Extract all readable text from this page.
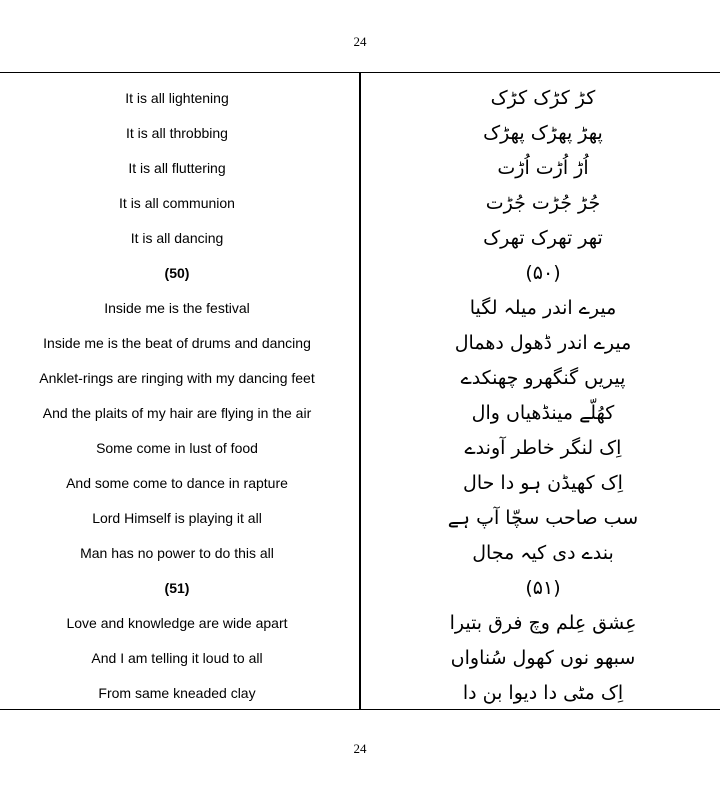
24
It is all lightening	کڑ کڑک کڑک
It is all throbbing	پھڑ پھڑک پھڑک
It is all fluttering	اُڑ اُڑت اُڑت
It is all communion	جُڑ جُڑت جُڑت
It is all dancing	تھر تھرک تھرک
(50)	(۵۰)
Inside me is the festival	میرے اندر میلہ لگیا
Inside me is the beat of drums and dancing	میرے اندر ڈھول دھمال
Anklet-rings are ringing with my dancing feet	پیریں گنگھرو چھنکدے
And the plaits of my hair are flying in the air	کھُلّے مینڈھیاں وال
Some come in lust of food	اِک لنگر خاطر آوندے
And some come to dance in rapture	اِک کھیڈن ہو دا حال
Lord Himself is playing it all	سب صاحب سچّا آپ ہے
Man has no power to do this all	بندے دی کیہ مجال
(51)	(۵۱)
Love and knowledge are wide apart	عِشق عِلم وچ فرق بتیرا
And I am telling it loud to all	سبھو نوں کھول سُناواں
From same kneaded clay	اِک مٹی دا دیوا بن دا
24
